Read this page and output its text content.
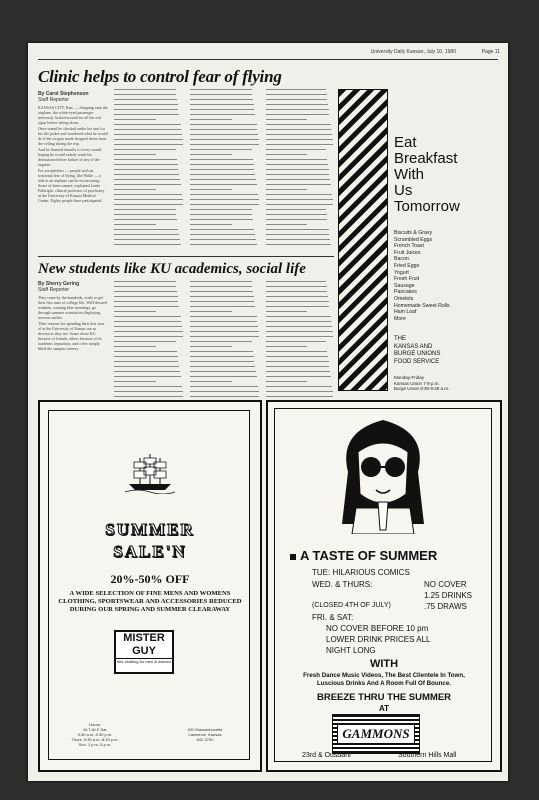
University Daily Kansan, July 10, 1980	Page 11
Clinic helps to control fear of flying
By Carol Stephenson
Staff Reporter

KANSAS CITY, Kan. — Stepping onto the airplane, the white-eyed passenger nervously looked around for all the exit signs before sitting down.

Once seated he checked under his seat for his life jacket and wondered what he would do if the oxygen mask dropped down from the ceiling during the trip.

And he listened intently to every sound, hoping he would calmly reach his destination before failure of any of the engines.

For aerophobics — people with an irrational fear of flying, like Pirkle — a ride in an airplane can be excruciating. Some of them cannot, explained Linda Fulbright, clinical professor of psychiatry at the University of Kansas Medical Center. Eighty people have participated.

New students like KU academics, social life
By Sherry Gering
Staff Reporter

They came by the hundreds, ready to get their first taste of college life. Well-dressed students, wearing blue mornings, go through summer orientation displaying nervous smiles.

Their reasons for spending their first year of at the University of Kansas are as diverse as they are. Some chose KU because of friends, others because of its academic reputation, and a few simply liked the campus scenery.

Eat
Breakfast
With
Us
Tomorrow
Biscuits & Gravy
Scrambled Eggs
French Toast
Fruit Juices
Bacon
Fried Eggs
Yogurt
Fresh Fruit
Sausage
Pancakes
Omelets
Homemade Sweet Rolls
Ham Loaf
More
THE
KANSAS AND
BURGE UNIONS
FOOD SERVICE
Monday-Friday
Kansas Union 7-9 p.m.
Burge Union 8:30-9:45 a.m.
SUMMER
SALE'N
20%-50% OFF
A WIDE SELECTION OF FINE MENS AND WOMENS CLOTHING, SPORTSWEAR AND ACCESSORIES REDUCED DURING OUR SPRING AND SUMMER CLEARAWAY
MISTER
GUY
fine clothing for men & women
Hours:
M-T-W-F-Sat
9:30 a.m.-5:30 p.m.
Thurs. 9:30 a.m.-8:30 p.m.
Sun. 1 p.m.-5 p.m.
920 Massachusetts
Lawrence, Kansas
842-3700
A TASTE OF SUMMER
TUE: HILARIOUS COMICS
WED. & THURS:	NO COVER
1.25 DRINKS
(CLOSED 4TH OF JULY)	.75 DRAWS
FRI. & SAT:
NO COVER BEFORE 10 pm
LOWER DRINK PRICES ALL
NIGHT LONG
WITH
Fresh Dance Music Videos, The Best Clientele In Town, Luscious Drinks And A Room Full Of Bounce.
BREEZE THRU THE SUMMER
AT
GAMMONS
23rd & Ousdahl	Southern Hills Mall
